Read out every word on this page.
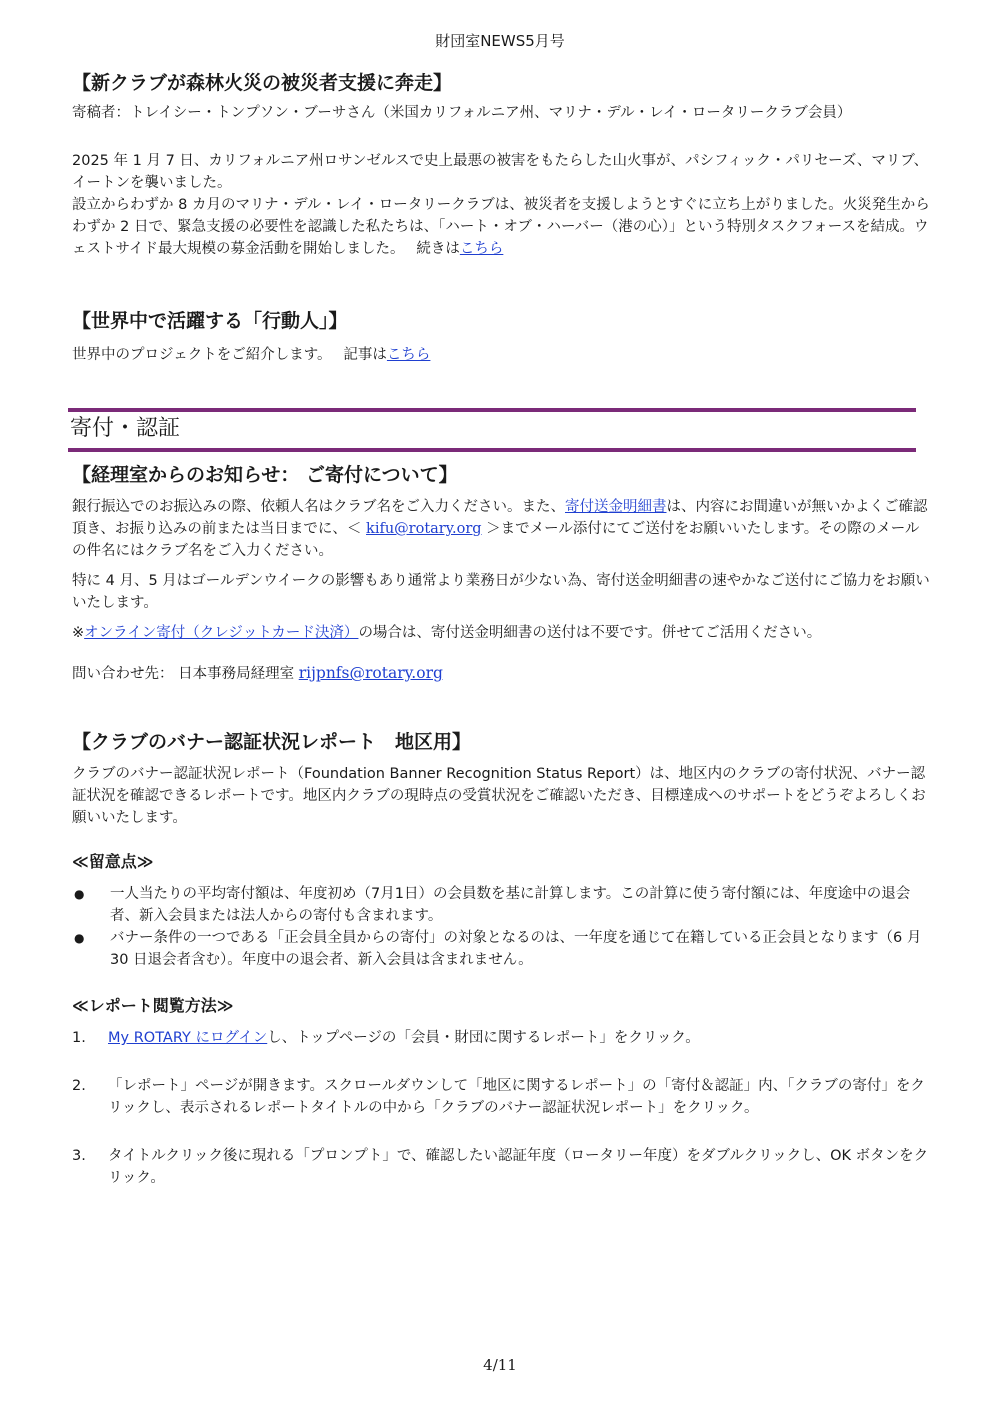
財団室NEWS5月号
【新クラブが森林火災の被災者支援に奔走】

寄稿者：トレイシー・トンプソン・ブーサさん（米国カリフォルニア州、マリナ・デル・レイ・ロータリークラブ会員）

2025 年 1 月 7 日、カリフォルニア州ロサンゼルスで史上最悪の被害をもたらした山火事が、パシフィック・パリセーズ、マリブ、イートンを襲いました。

設立からわずか 8 カ月のマリナ・デル・レイ・ロータリークラブは、被災者を支援しようとすぐに立ち上がりました。火災発生からわずか 2 日で、緊急支援の必要性を認識した私たちは、「ハート・オブ・ハーバー（港の心）」という特別タスクフォースを結成。ウェストサイド最大規模の募金活動を開始しました。　 続きはこちら

【世界中で活躍する「行動人」】

世界中のプロジェクトをご紹介します。　 記事はこちら

寄付・認証
【経理室からのお知らせ： ご寄付について】

銀行振込でのお振込みの際、依頼人名はクラブ名をご入力ください。また、寄付送金明細書は、内容にお間違いが無いかよくご確認頂き、お振り込みの前または当日までに、＜ kifu@rotary.org ＞までメール添付にてご送付をお願いいたします。その際のメールの件名にはクラブ名をご入力ください。

特に 4 月、5 月はゴールデンウイークの影響もあり通常より業務日が少ない為、寄付送金明細書の速やかなご送付にご協力をお願いいたします。

※オンライン寄付（クレジットカード決済）の場合は、寄付送金明細書の送付は不要です。併せてご活用ください。

問い合わせ先： 日本事務局経理室 rijpnfs@rotary.org

【クラブのバナー認証状況レポート　地区用】

クラブのバナー認証状況レポート（Foundation Banner Recognition Status Report）は、地区内のクラブの寄付状況、バナー認証状況を確認できるレポートです。地区内クラブの現時点の受賞状況をご確認いただき、目標達成へのサポートをどうぞよろしくお願いいたします。

≪留意点≫
●	一人当たりの平均寄付額は、年度初め（7月1日）の会員数を基に計算します。この計算に使う寄付額には、年度途中の退会者、新入会員または法人からの寄付も含まれます。
●	バナー条件の一つである「正会員全員からの寄付」の対象となるのは、一年度を通じて在籍している正会員となります（6 月 30 日退会者含む）。年度中の退会者、新入会員は含まれません。
≪レポート閲覧方法≫
1.	My ROTARY にログインし、トップページの「会員・財団に関するレポート」をクリック。
2.	「レポート」ページが開きます。スクロールダウンして「地区に関するレポート」の「寄付＆認証」内、「クラブの寄付」をクリックし、表示されるレポートタイトルの中から「クラブのバナー認証状況レポート」をクリック。
3.	タイトルクリック後に現れる「プロンプト」で、確認したい認証年度（ロータリー年度）をダブルクリックし、OK ボタンをクリック。
4/11
